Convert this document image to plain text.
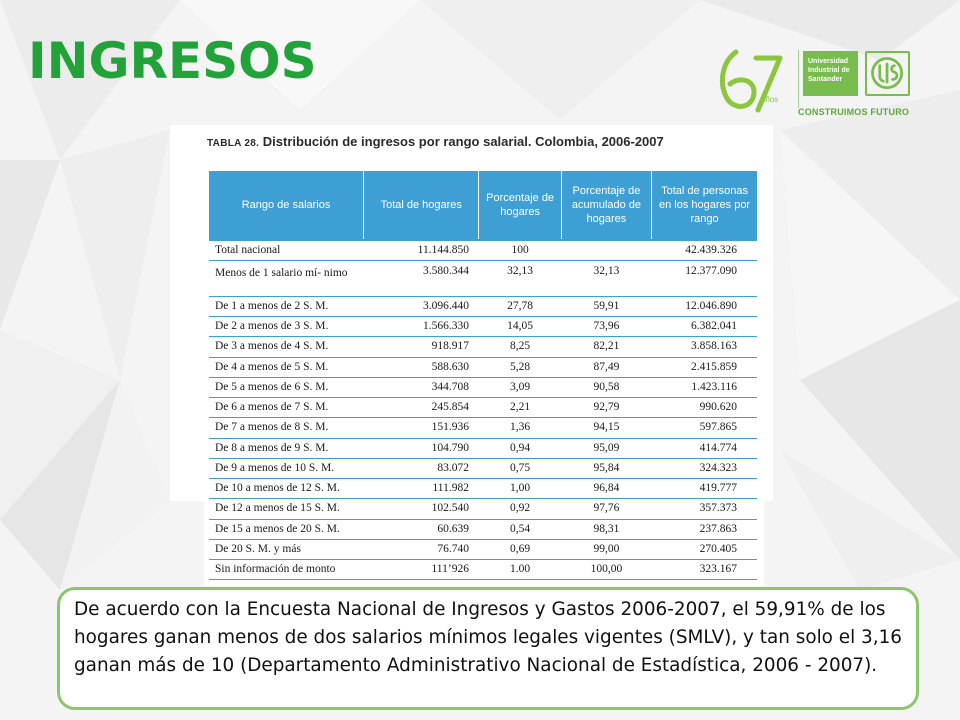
INGRESOS
Años
Universidad
Industrial de
Santander
CONSTRUIMOS FUTURO
TABLA 28. Distribución de ingresos por rango salarial. Colombia, 2006-2007
Rango de salarios	Total de hogares	Porcentaje de hogares	Porcentaje de acumulado de hogares	Total de personas en los hogares por rango
Total nacional	11.144.850	100		42.439.326
Menos de 1 salario mí- nimo	3.580.344	32,13	32,13	12.377.090
De 1 a menos de 2 S. M.	3.096.440	27,78	59,91	12.046.890
De 2 a menos de 3 S. M.	1.566.330	14,05	73,96	6.382.041
De 3 a menos de 4 S. M.	918.917	8,25	82,21	3.858.163
De 4 a menos de 5 S. M.	588.630	5,28	87,49	2.415.859
De 5 a menos de 6 S. M.	344.708	3,09	90,58	1.423.116
De 6 a menos de 7 S. M.	245.854	2,21	92,79	990.620
De 7 a menos de 8 S. M.	151.936	1,36	94,15	597.865
De 8 a menos de 9 S. M.	104.790	0,94	95,09	414.774
De 9 a menos de 10 S. M.	83.072	0,75	95,84	324.323
De 10 a menos de 12 S. M.	111.982	1,00	96,84	419.777
De 12 a menos de 15 S. M.	102.540	0,92	97,76	357.373
De 15 a menos de 20 S. M.	60.639	0,54	98,31	237.863
De 20 S. M. y más	76.740	0,69	99,00	270.405
Sin información de monto	111’926	1.00	100,00	323.167
De acuerdo con la Encuesta Nacional de Ingresos y Gastos 2006-2007, el 59,91% de los hogares ganan menos de dos salarios mínimos legales vigentes (SMLV), y tan solo el 3,16 ganan más de 10 (Departamento Administrativo Nacional de Estadística, 2006 - 2007).
